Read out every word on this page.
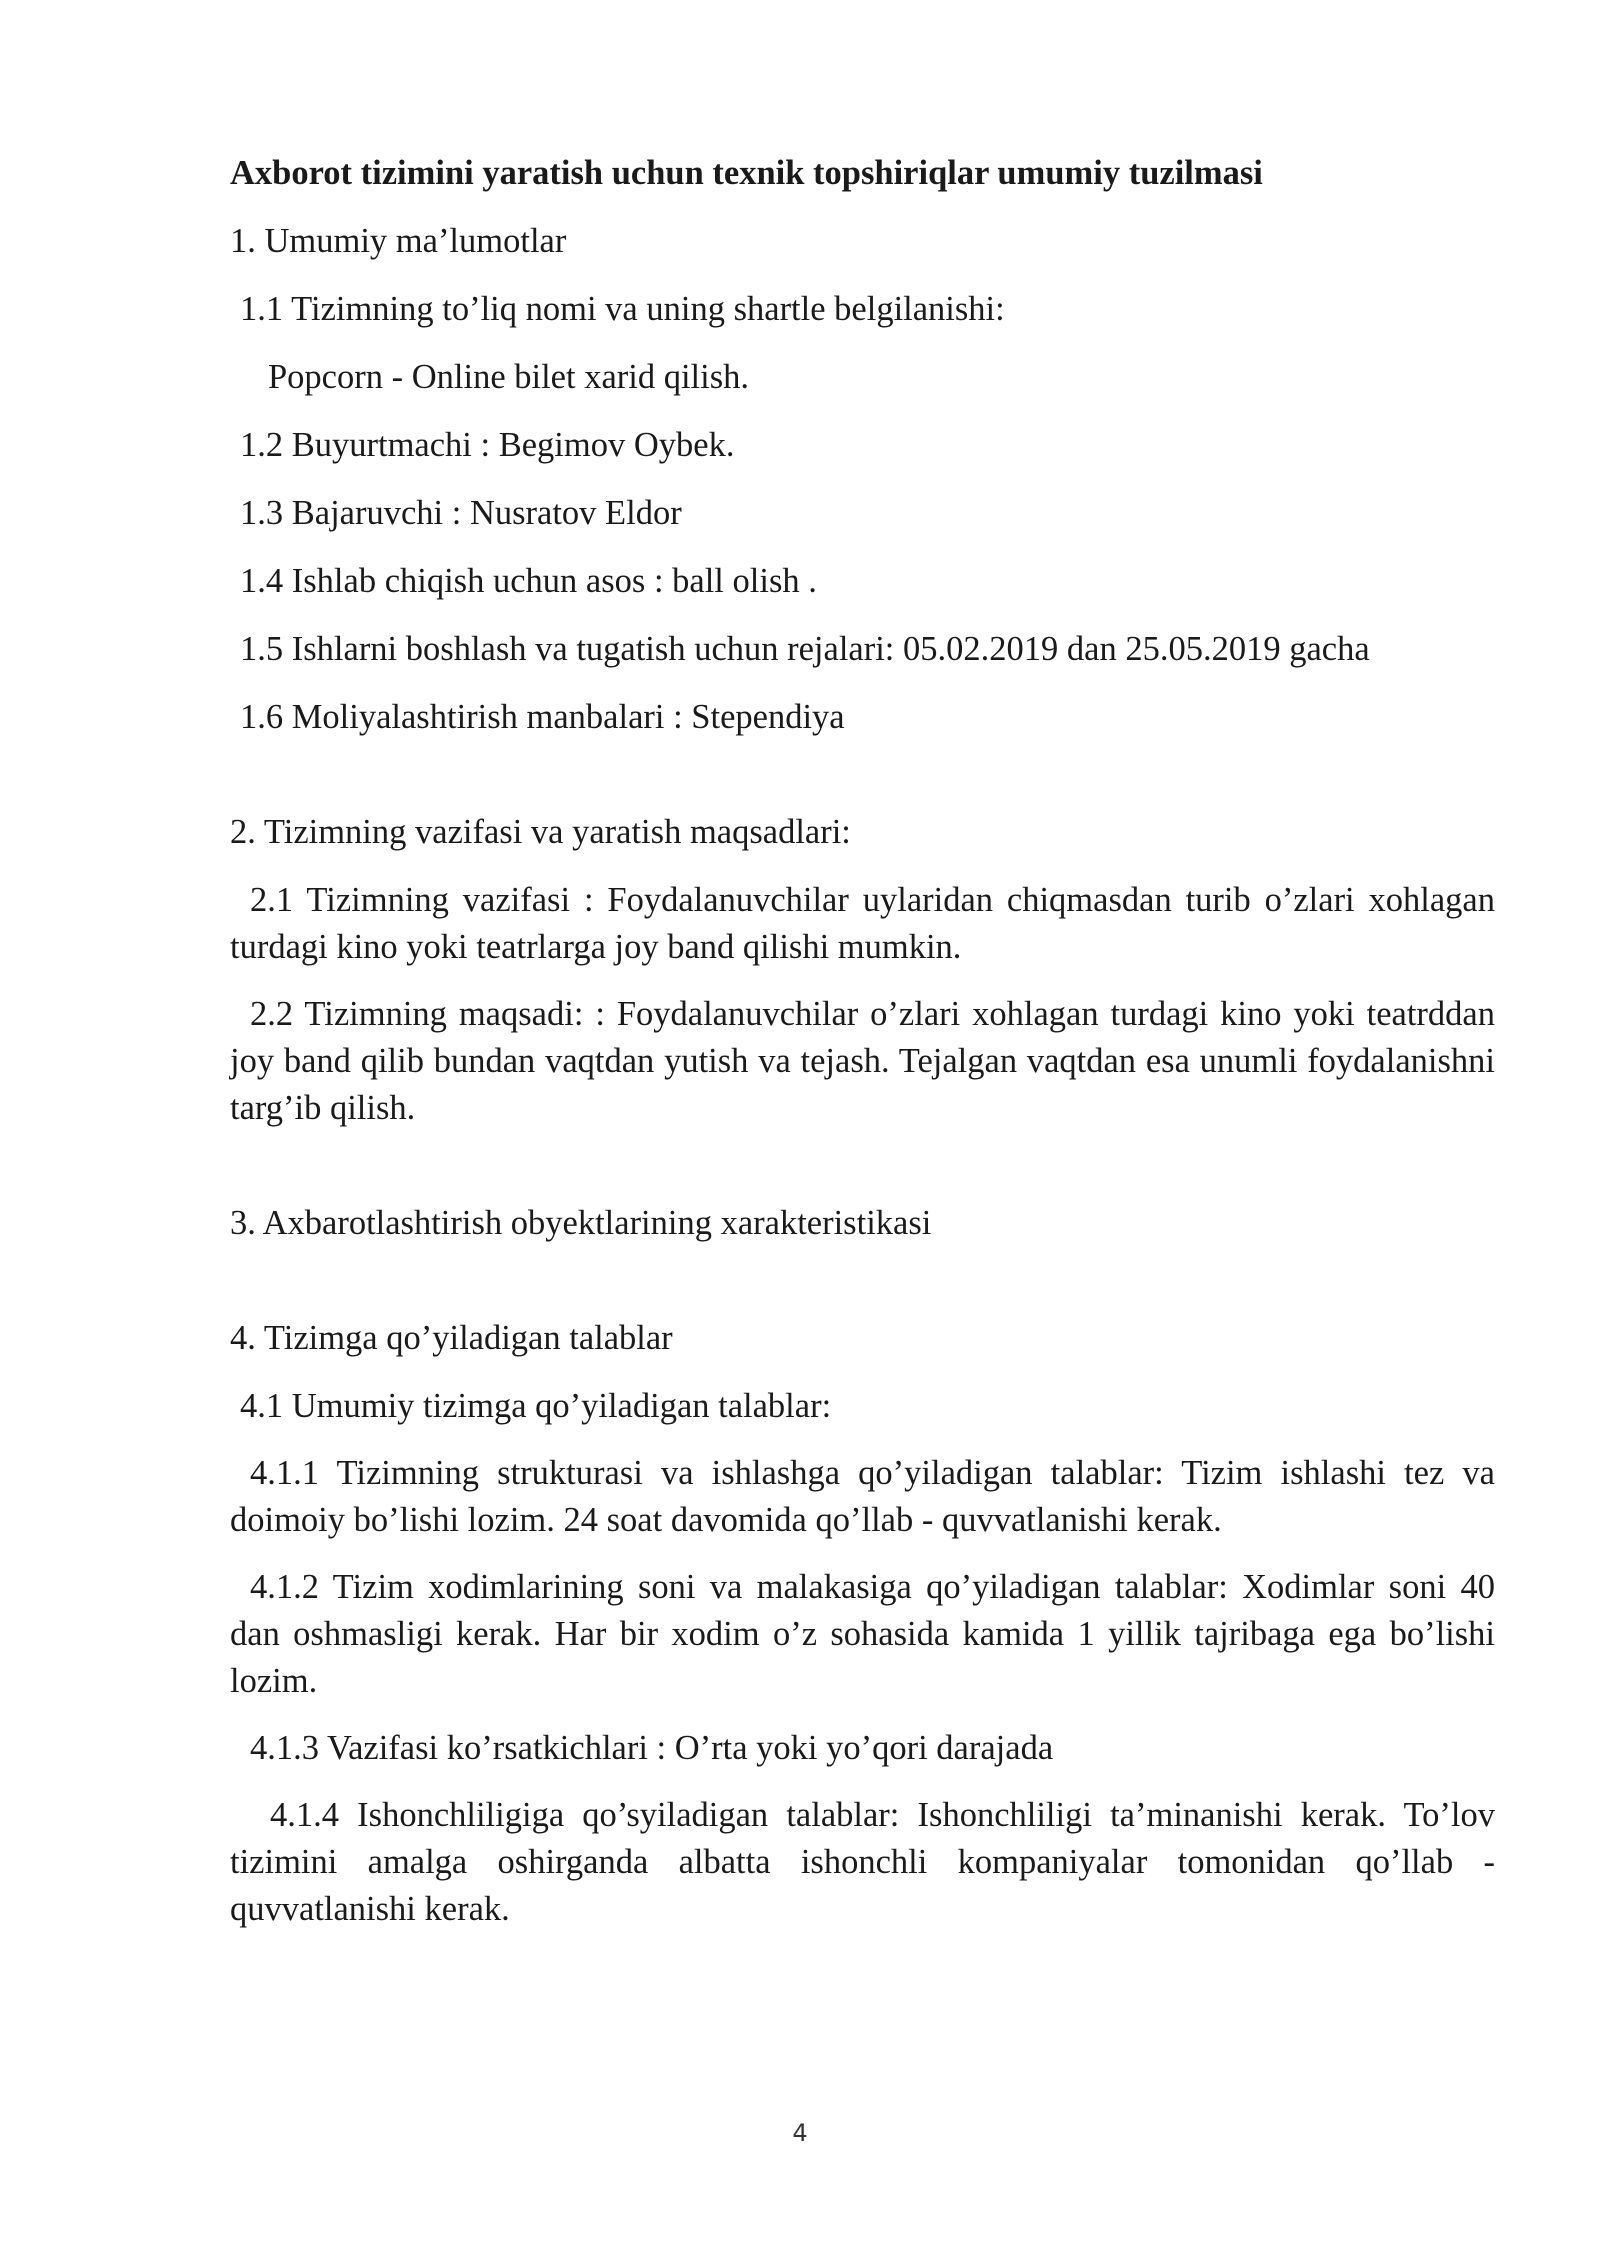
Axborot tizimini yaratish uchun texnik topshiriqlar umumiy tuzilmasi

1. Umumiy ma’lumotlar

1.1 Tizimning to’liq nomi va uning shartle belgilanishi:

Popcorn - Online bilet xarid qilish.

1.2 Buyurtmachi : Begimov Oybek.

1.3 Bajaruvchi : Nusratov Eldor

1.4 Ishlab chiqish uchun asos : ball olish .

1.5 Ishlarni boshlash va tugatish uchun rejalari: 05.02.2019 dan 25.05.2019 gacha

1.6 Moliyalashtirish manbalari : Stependiya

2. Tizimning vazifasi va yaratish maqsadlari:

2.1 Tizimning vazifasi : Foydalanuvchilar uylaridan chiqmasdan turib o’zlari xohlagan turdagi kino yoki teatrlarga joy band qilishi mumkin.

2.2 Tizimning maqsadi: : Foydalanuvchilar o’zlari xohlagan turdagi kino yoki teatrddan joy band qilib bundan vaqtdan yutish va tejash. Tejalgan vaqtdan esa unumli foydalanishni targ’ib qilish.

3. Axbarotlashtirish obyektlarining xarakteristikasi

4. Tizimga qo’yiladigan talablar

4.1 Umumiy tizimga qo’yiladigan talablar:

4.1.1 Tizimning strukturasi va ishlashga qo’yiladigan talablar: Tizim ishlashi tez va doimoiy bo’lishi lozim. 24 soat davomida qo’llab - quvvatlanishi kerak.

4.1.2 Tizim xodimlarining soni va malakasiga qo’yiladigan talablar: Xodimlar soni 40 dan oshmasligi kerak. Har bir xodim o’z sohasida kamida 1 yillik tajribaga ega bo’lishi lozim.

4.1.3 Vazifasi ko’rsatkichlari : O’rta yoki yo’qori darajada

4.1.4 Ishonchliligiga qo’syiladigan talablar: Ishonchliligi ta’minanishi kerak. To’lov tizimini amalga oshirganda albatta ishonchli kompaniyalar tomonidan qo’llab - quvvatlanishi kerak.

4
